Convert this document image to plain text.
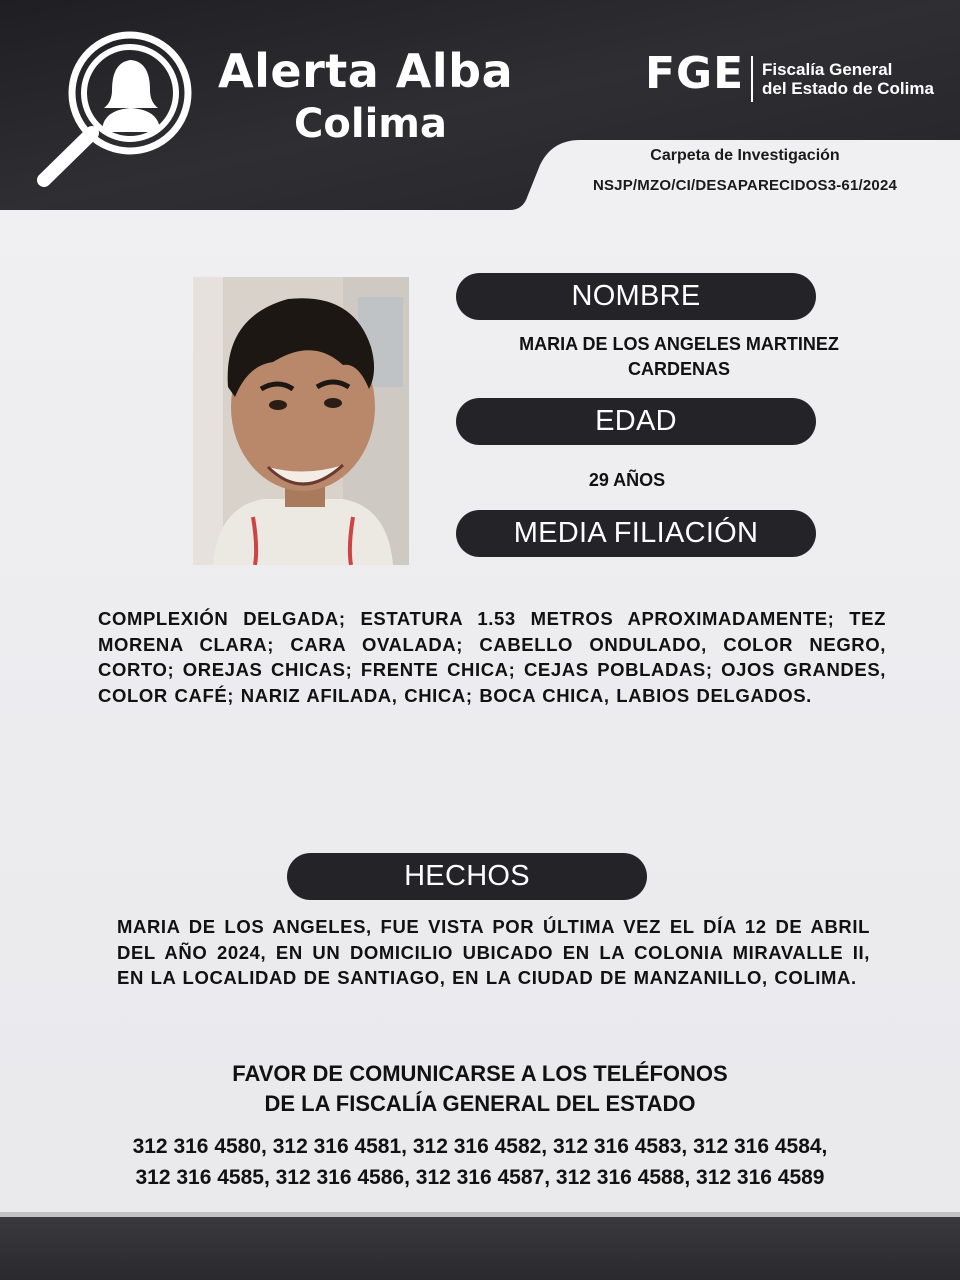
Alerta Alba
Colima
FGE Fiscalía General
del Estado de Colima
Carpeta de Investigación
NSJP/MZO/CI/DESAPARECIDOS3-61/2024
NOMBRE
MARIA DE LOS ANGELES MARTINEZ
CARDENAS
EDAD
29 AÑOS
MEDIA FILIACIÓN
COMPLEXIÓN DELGADA; ESTATURA 1.53 METROS APROXIMADAMENTE; TEZ MORENA CLARA; CARA OVALADA; CABELLO ONDULADO, COLOR NEGRO, CORTO; OREJAS CHICAS; FRENTE CHICA; CEJAS POBLADAS; OJOS GRANDES, COLOR CAFÉ; NARIZ AFILADA, CHICA; BOCA CHICA, LABIOS DELGADOS.
HECHOS
MARIA DE LOS ANGELES, FUE VISTA POR ÚLTIMA VEZ EL DÍA 12 DE ABRIL DEL AÑO 2024, EN UN DOMICILIO UBICADO EN LA COLONIA MIRAVALLE II, EN LA LOCALIDAD DE SANTIAGO, EN LA CIUDAD DE MANZANILLO, COLIMA.
FAVOR DE COMUNICARSE A LOS TELÉFONOS
DE LA FISCALÍA GENERAL DEL ESTADO
312 316 4580, 312 316 4581, 312 316 4582, 312 316 4583, 312 316 4584,
312 316 4585, 312 316 4586, 312 316 4587, 312 316 4588, 312 316 4589
